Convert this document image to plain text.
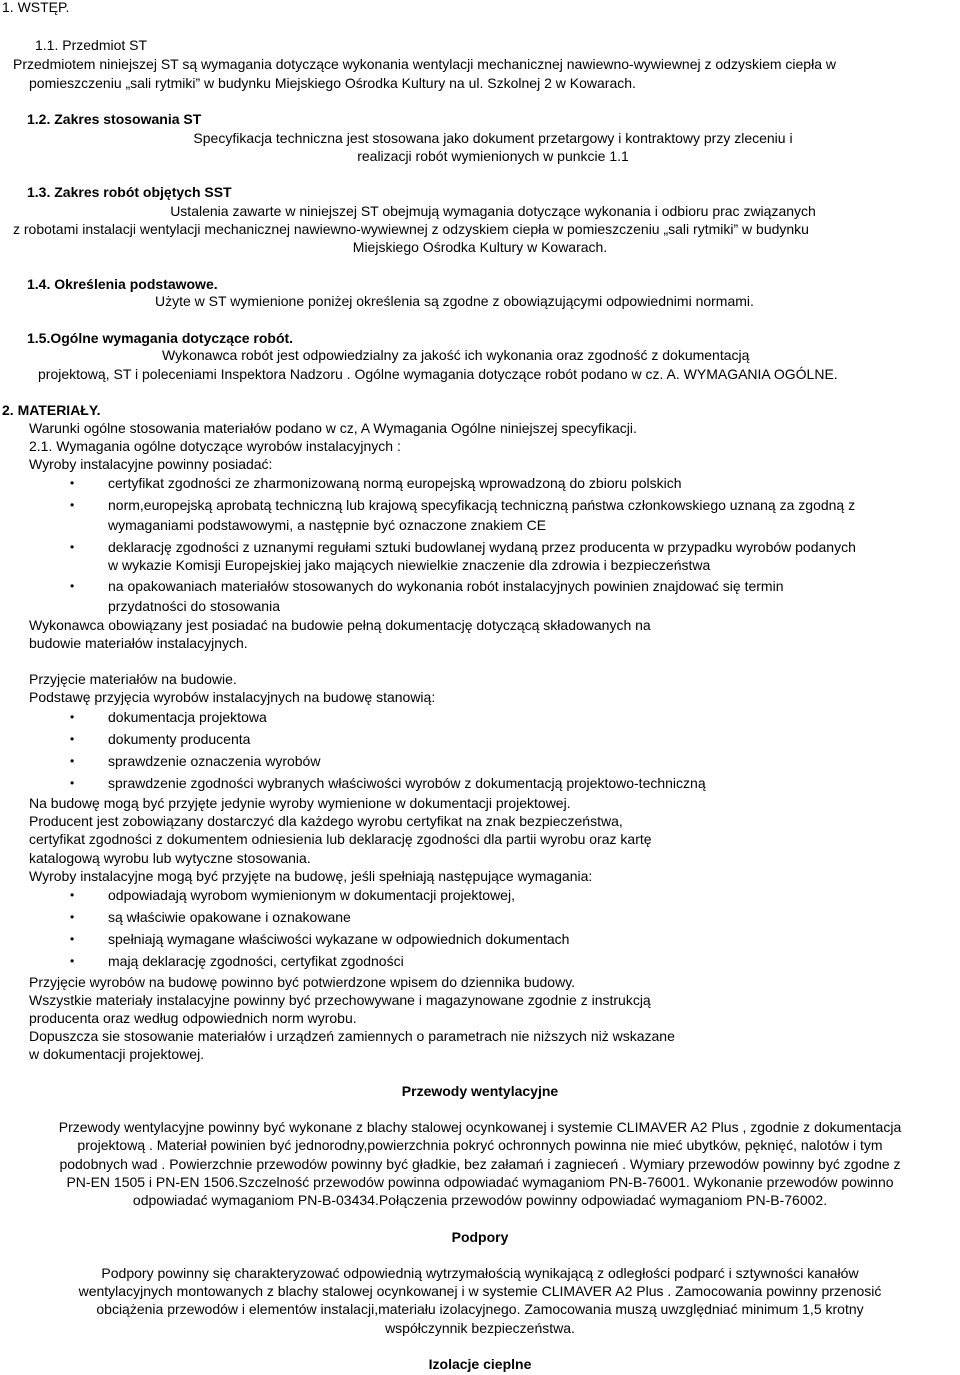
1. WSTĘP.
1.1. Przedmiot ST
Przedmiotem niniejszej ST są wymagania dotyczące wykonania wentylacji mechanicznej nawiewno-wywiewnej z odzyskiem ciepła w
pomieszczeniu „sali rytmiki” w budynku Miejskiego Ośrodka Kultury na ul. Szkolnej 2 w Kowarach.
1.2. Zakres stosowania ST
Specyfikacja techniczna jest stosowana jako dokument przetargowy i kontraktowy przy zleceniu i
realizacji robót wymienionych w punkcie 1.1
1.3. Zakres robót objętych SST
Ustalenia zawarte w niniejszej ST obejmują wymagania dotyczące wykonania i odbioru prac związanych
z robotami instalacji wentylacji mechanicznej nawiewno-wywiewnej z odzyskiem ciepła w pomieszczeniu „sali rytmiki” w budynku
Miejskiego Ośrodka Kultury w Kowarach.
1.4. Określenia podstawowe.
Użyte w ST wymienione poniżej określenia są zgodne z obowiązującymi odpowiednimi normami.
1.5.Ogólne wymagania dotyczące robót.
Wykonawca robót jest odpowiedzialny za jakość ich wykonania oraz zgodność z dokumentacją
projektową, ST i poleceniami Inspektora Nadzoru . Ogólne wymagania dotyczące robót podano w cz. A. WYMAGANIA OGÓLNE.
2. MATERIAŁY.
Warunki ogólne stosowania materiałów podano w cz, A Wymagania Ogólne niniejszej specyfikacji.
2.1. Wymagania ogólne dotyczące wyrobów instalacyjnych :
Wyroby instalacyjne powinny posiadać:
• certyfikat zgodności ze zharmonizowaną normą europejską wprowadzoną do zbioru polskich
• norm,europejską aprobatą techniczną lub krajową specyfikacją techniczną państwa członkowskiego uznaną za zgodną z
wymaganiami podstawowymi, a następnie być oznaczone znakiem CE
• deklarację zgodności z uznanymi regułami sztuki budowlanej wydaną przez producenta w przypadku wyrobów podanych
w wykazie Komisji Europejskiej jako mających niewielkie znaczenie dla zdrowia i bezpieczeństwa
• na opakowaniach materiałów stosowanych do wykonania robót instalacyjnych powinien znajdować się termin
przydatności do stosowania
Wykonawca obowiązany jest posiadać na budowie pełną dokumentację dotyczącą składowanych na
budowie materiałów instalacyjnych.
Przyjęcie materiałów na budowie.
Podstawę przyjęcia wyrobów instalacyjnych na budowę stanowią:
• dokumentacja projektowa
• dokumenty producenta
• sprawdzenie oznaczenia wyrobów
• sprawdzenie zgodności wybranych właściwości wyrobów z dokumentacją projektowo-techniczną
Na budowę mogą być przyjęte jedynie wyroby wymienione w dokumentacji projektowej.
Producent jest zobowiązany dostarczyć dla każdego wyrobu certyfikat na znak bezpieczeństwa,
certyfikat zgodności z dokumentem odniesienia lub deklarację zgodności dla partii wyrobu oraz kartę
katalogową wyrobu lub wytyczne stosowania.
Wyroby instalacyjne mogą być przyjęte na budowę, jeśli spełniają następujące wymagania:
• odpowiadają wyrobom wymienionym w dokumentacji projektowej,
• są właściwie opakowane i oznakowane
• spełniają wymagane właściwości wykazane w odpowiednich dokumentach
• mają deklarację zgodności, certyfikat zgodności
Przyjęcie wyrobów na budowę powinno być potwierdzone wpisem do dziennika budowy.
Wszystkie materiały instalacyjne powinny być przechowywane i magazynowane zgodnie z instrukcją
producenta oraz według odpowiednich norm wyrobu.
Dopuszcza sie stosowanie materiałów i urządzeń zamiennych o parametrach nie niższych niż wskazane
w dokumentacji projektowej.
Przewody wentylacyjne
Przewody wentylacyjne powinny być wykonane z blachy stalowej ocynkowanej i systemie CLIMAVER A2 Plus , zgodnie z dokumentacja
projektową . Materiał powinien być jednorodny,powierzchnia pokryć ochronnych powinna nie mieć ubytków, pęknięć, nalotów i tym
podobnych wad . Powierzchnie przewodów powinny być gładkie, bez załamań i zagnieceń . Wymiary przewodów powinny być zgodne z
PN-EN 1505 i PN-EN 1506.Szczelność przewodów powinna odpowiadać wymaganiom PN-B-76001. Wykonanie przewodów powinno
odpowiadać wymaganiom PN-B-03434.Połączenia przewodów powinny odpowiadać wymaganiom PN-B-76002.
Podpory
Podpory powinny się charakteryzować odpowiednią wytrzymałością wynikającą z odległości podparć i sztywności kanałów
wentylacyjnych montowanych z blachy stalowej ocynkowanej i w systemie CLIMAVER A2 Plus . Zamocowania powinny przenosić
obciążenia przewodów i elementów instalacji,materiału izolacyjnego. Zamocowania muszą uwzględniać minimum 1,5 krotny
współczynnik bezpieczeństwa.
Izolacje cieplne
